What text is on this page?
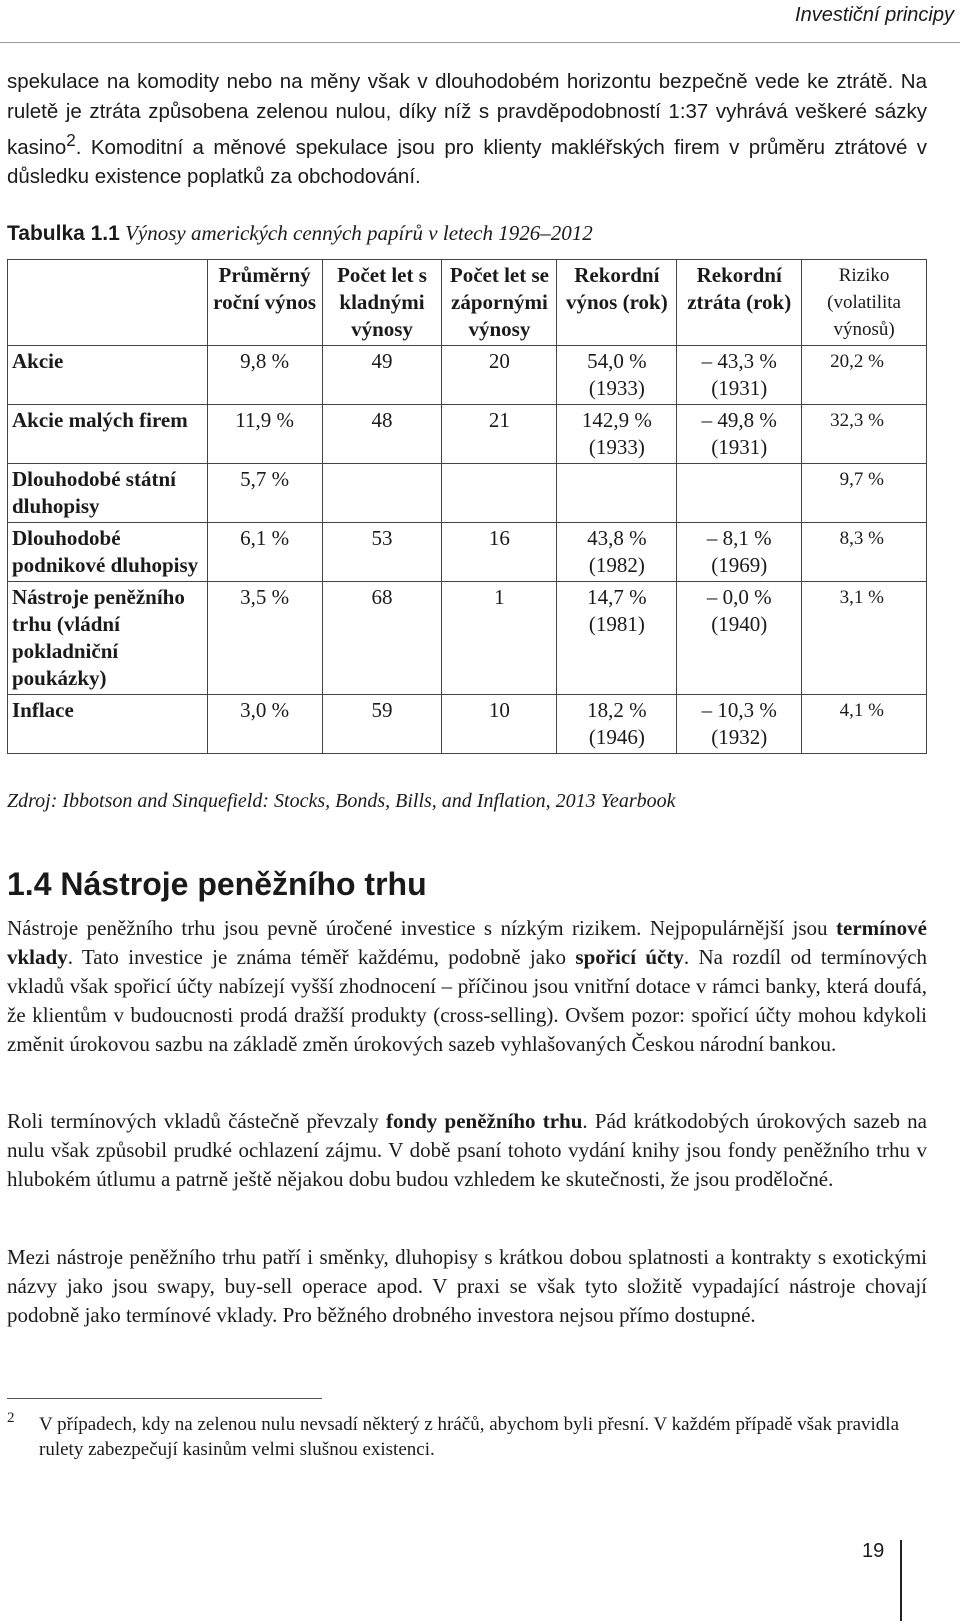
Investiční principy

spekulace na komodity nebo na měny však v dlouhodobém horizontu bezpečně vede ke ztrátě. Na ruletě je ztráta způsobena zelenou nulou, díky níž s pravděpodobností 1:37 vyhrává veškeré sázky kasino$^2$. Komoditní a měnové spekulace jsou pro klienty makléřských firem v průměru ztrátové v důsledku existence poplatků za obchodování.

Tabulka 1.1 Výnosy amerických cenných papírů v letech 1926–2012
	Průměrný roční výnos	Počet let s kladnými výnosy	Počet let se zápornými výnosy	Rekordní výnos (rok)	Rekordní ztráta (rok)	Riziko (volatilita výnosů)
Akcie	9,8 %	49	20	54,0 % (1933)	– 43,3 % (1931)	20,2 %
Akcie malých firem	11,9 %	48	21	142,9 % (1933)	– 49,8 % (1931)	32,3 %
Dlouhodobé státní dluhopisy	5,7 %					9,7 %
Dlouhodobé podnikové dluhopisy	6,1 %	53	16	43,8 % (1982)	– 8,1 % (1969)	8,3 %
Nástroje peněžního trhu (vládní pokladniční poukázky)	3,5 %	68	1	14,7 % (1981)	– 0,0 % (1940)	3,1 %
Inflace	3,0 %	59	10	18,2 % (1946)	– 10,3 % (1932)	4,1 %
Zdroj: Ibbotson and Sinquefield: Stocks, Bonds, Bills, and Inflation, 2013 Yearbook
1.4 Nástroje peněžního trhu

Nástroje peněžního trhu jsou pevně úročené investice s nízkým rizikem. Nejpopulárnější jsou termínové vklady. Tato investice je známa téměř každému, podobně jako spořicí účty. Na rozdíl od termínových vkladů však spořicí účty nabízejí vyšší zhodnocení – příčinou jsou vnitřní dotace v rámci banky, která doufá, že klientům v budoucnosti prodá dražší produkty (cross-selling). Ovšem pozor: spořicí účty mohou kdykoli změnit úrokovou sazbu na základě změn úrokových sazeb vyhlašovaných Českou národní bankou.

Roli termínových vkladů částečně převzaly fondy peněžního trhu. Pád krátkodobých úrokových sazeb na nulu však způsobil prudké ochlazení zájmu. V době psaní tohoto vydání knihy jsou fondy peněžního trhu v hlubokém útlumu a patrně ještě nějakou dobu budou vzhledem ke skutečnosti, že jsou proděločné.

Mezi nástroje peněžního trhu patří i směnky, dluhopisy s krátkou dobou splatnosti a kontrakty s exotickými názvy jako jsou swapy, buy-sell operace apod. V praxi se však tyto složitě vypadající nástroje chovají podobně jako termínové vklady. Pro běžného drobného investora nejsou přímo dostupné.

2 V případech, kdy na zelenou nulu nevsadí některý z hráčů, abychom byli přesní. V každém případě však pravidla rulety zabezpečují kasinům velmi slušnou existenci.

19
